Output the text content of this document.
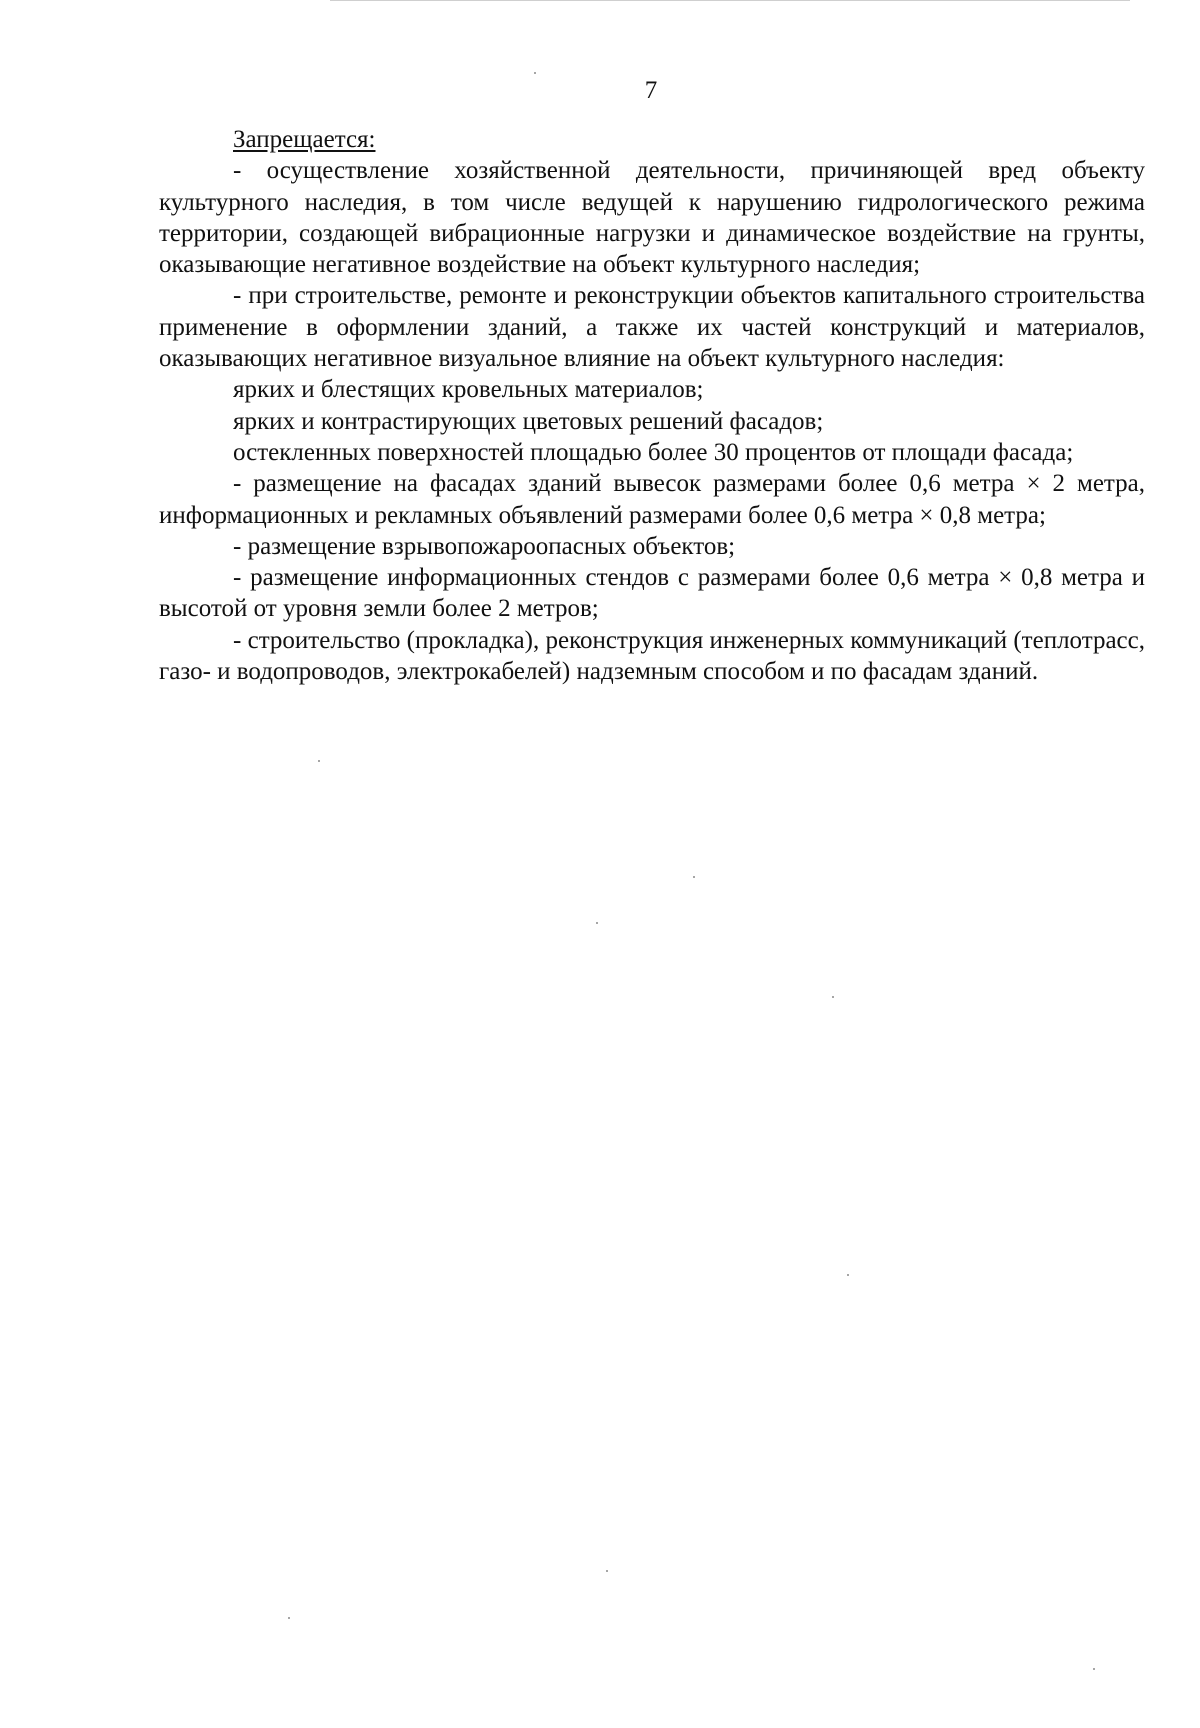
7

Запрещается:

- осуществление хозяйственной деятельности, причиняющей вред объекту культурного наследия, в том числе ведущей к нарушению гидрологического режима территории, создающей вибрационные нагрузки и динамическое воздействие на грунты, оказывающие негативное воздействие на объект культурного наследия;

- при строительстве, ремонте и реконструкции объектов капитального строительства применение в оформлении зданий, а также их частей конструкций и материалов, оказывающих негативное визуальное влияние на объект культурного наследия:

ярких и блестящих кровельных материалов;

ярких и контрастирующих цветовых решений фасадов;

остекленных поверхностей площадью более 30 процентов от площади фасада;

- размещение на фасадах зданий вывесок размерами более 0,6 метра × 2 метра, информационных и рекламных объявлений размерами более 0,6 метра × 0,8 метра;

- размещение взрывопожароопасных объектов;

- размещение информационных стендов с размерами более 0,6 метра × 0,8 метра и высотой от уровня земли более 2 метров;

- строительство (прокладка), реконструкция инженерных коммуникаций (теплотрасс, газо- и водопроводов, электрокабелей) надземным способом и по фасадам зданий.
